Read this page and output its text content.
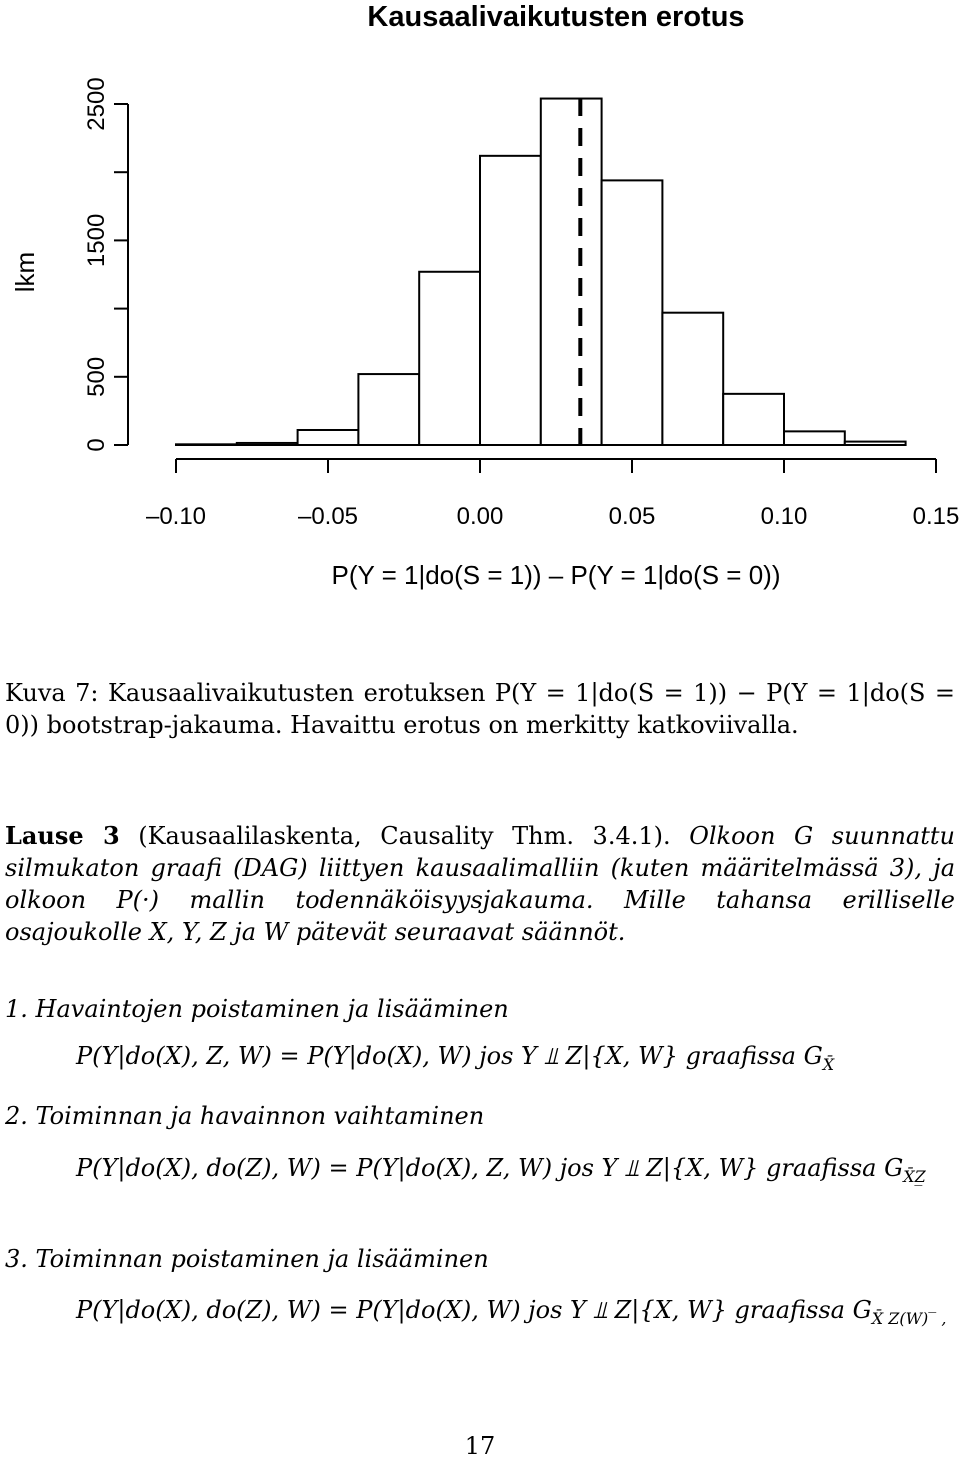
Kausaalivaikutusten erotus
lkm
0
500
1500
2500
–0.10	–0.05	0.00	0.05	0.10	0.15
P(Y = 1|do(S = 1)) – P(Y = 1|do(S = 0))
Kuva 7: Kausaalivaikutusten erotuksen P(Y = 1|do(S = 1)) − P(Y = 1|do(S = 0)) bootstrap-jakauma. Havaittu erotus on merkitty katkoviivalla.
Lause 3 (Kausaalilaskenta, Causality Thm. 3.4.1). Olkoon G suunnattu silmukaton graafi (DAG) liittyen kausaalimalliin (kuten määritelmässä 3), ja olkoon P(·) mallin todennäköisyysjakauma. Mille tahansa erilliselle osajoukolle X, Y, Z ja W pätevät seuraavat säännöt.
1. Havaintojen poistaminen ja lisääminen
P(Y|do(X), Z, W) = P(Y|do(X), W) jos Y ⫫ Z|{X, W} graafissa $G_{X̄}$
2. Toiminnan ja havainnon vaihtaminen
P(Y|do(X), do(Z), W) = P(Y|do(X), Z, W) jos Y ⫫ Z|{X, W} graafissa $G_{X̄Z̲}$
3. Toiminnan poistaminen ja lisääminen
P(Y|do(X), do(Z), W) = P(Y|do(X), W) jos Y ⫫ Z|{X, W} graafissa $G_{X̄ Z(W)‾ ,}$
17
